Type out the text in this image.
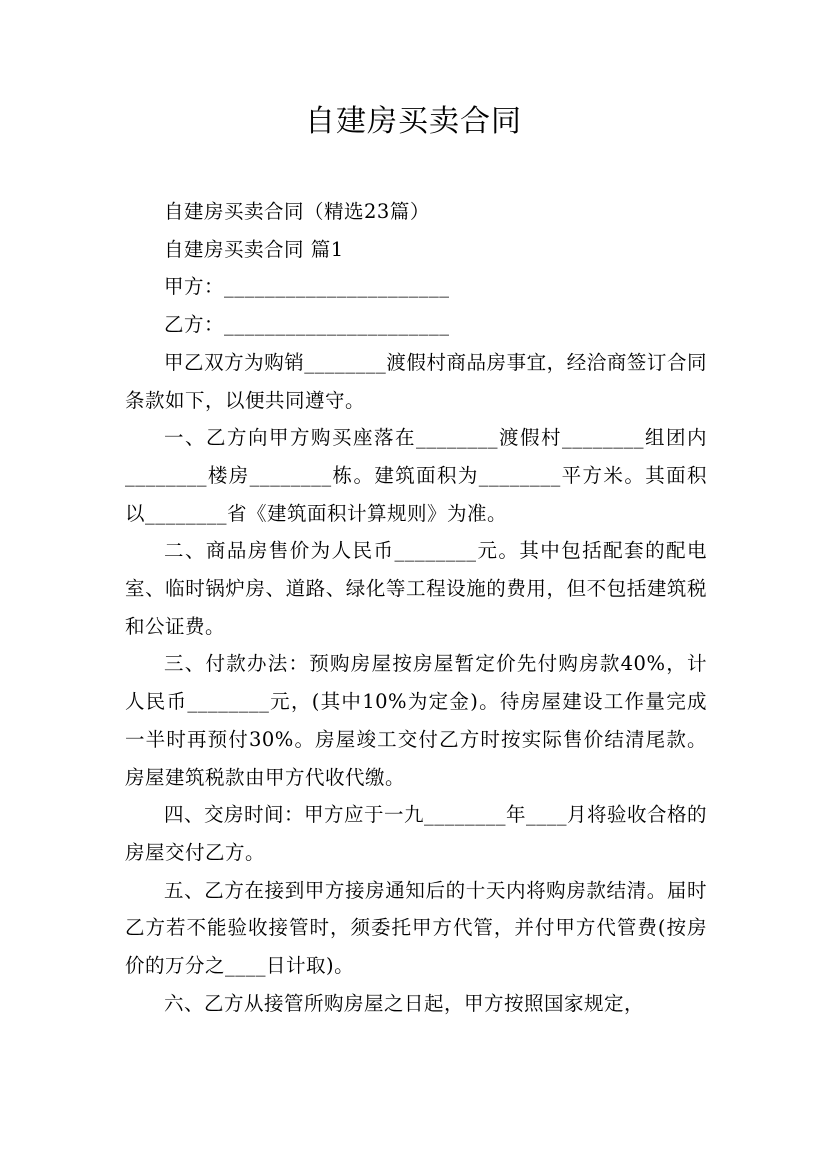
自建房买卖合同

自建房买卖合同（精选23篇）

自建房买卖合同 篇1

甲方：______________________

乙方：______________________

甲乙双方为购销________渡假村商品房事宜，经洽商签订合同条款如下，以便共同遵守。

一、乙方向甲方购买座落在________渡假村________组团内________楼房________栋。建筑面积为________平方米。其面积以________省《建筑面积计算规则》为准。

二、商品房售价为人民币________元。其中包括配套的配电室、临时锅炉房、道路、绿化等工程设施的费用，但不包括建筑税和公证费。

三、付款办法：预购房屋按房屋暂定价先付购房款40%，计人民币________元，(其中10%为定金)。待房屋建设工作量完成一半时再预付30%。房屋竣工交付乙方时按实际售价结清尾款。房屋建筑税款由甲方代收代缴。

四、交房时间：甲方应于一九________年____月将验收合格的房屋交付乙方。

五、乙方在接到甲方接房通知后的十天内将购房款结清。届时乙方若不能验收接管时，须委托甲方代管，并付甲方代管费(按房价的万分之____日计取)。

六、乙方从接管所购房屋之日起，甲方按照国家规定，
